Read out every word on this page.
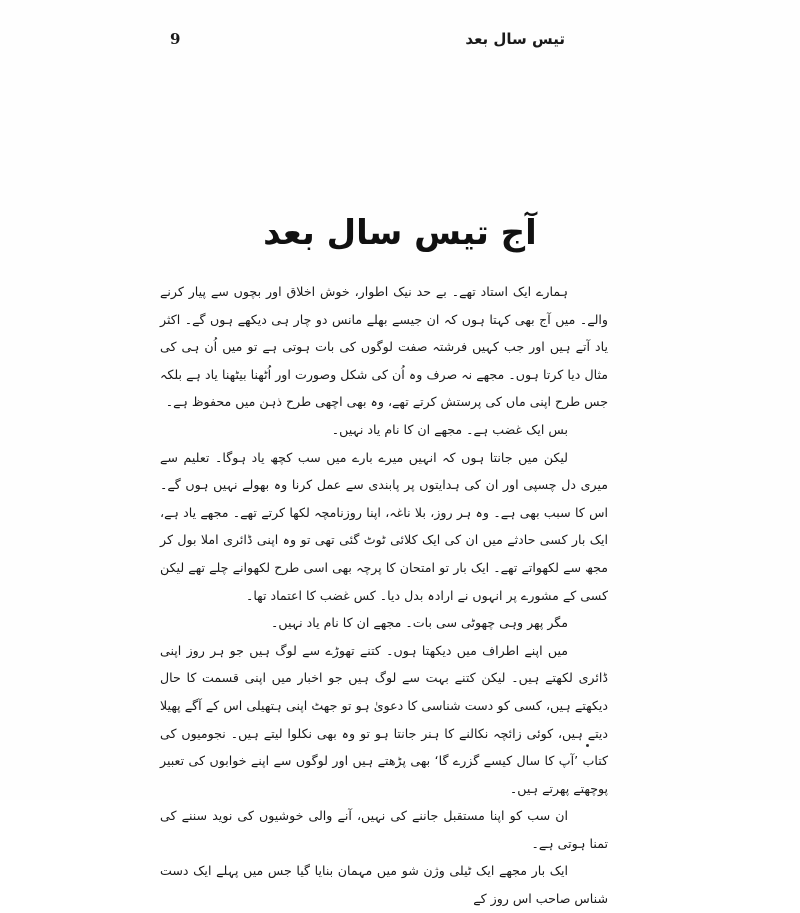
9	تیس سال بعد
آج تیس سال بعد

ہمارے ایک استاد تھے۔ بے حد نیک اطوار، خوش اخلاق اور بچوں سے پیار کرنے والے۔ میں آج بھی کہتا ہوں کہ ان جیسے بھلے مانس دو چار ہی دیکھے ہوں گے۔ اکثر یاد آتے ہیں اور جب کہیں فرشتہ صفت لوگوں کی بات ہوتی ہے تو میں اُن ہی کی مثال دیا کرتا ہوں۔ مجھے نہ صرف وہ اُن کی شکل وصورت اور اُٹھنا بیٹھنا یاد ہے بلکہ جس طرح اپنی ماں کی پرستش کرتے تھے، وہ بھی اچھی طرح ذہن میں محفوظ ہے۔

بس ایک غضب ہے۔ مجھے ان کا نام یاد نہیں۔

لیکن میں جانتا ہوں کہ انہیں میرے بارے میں سب کچھ یاد ہوگا۔ تعلیم سے میری دل چسپی اور ان کی ہدایتوں پر پابندی سے عمل کرنا وہ بھولے نہیں ہوں گے۔ اس کا سبب بھی ہے۔ وہ ہر روز، بلا ناغہ، اپنا روزنامچہ لکھا کرتے تھے۔ مجھے یاد ہے، ایک بار کسی حادثے میں ان کی ایک کلائی ٹوٹ گئی تھی تو وہ اپنی ڈائری املا بول کر مجھ سے لکھواتے تھے۔ ایک بار تو امتحان کا پرچہ بھی اسی طرح لکھوانے چلے تھے لیکن کسی کے مشورے پر انہوں نے ارادہ بدل دیا۔ کس غضب کا اعتماد تھا۔

مگر پھر وہی چھوٹی سی بات۔ مجھے ان کا نام یاد نہیں۔

میں اپنے اطراف میں دیکھتا ہوں۔ کتنے تھوڑے سے لوگ ہیں جو ہر روز اپنی ڈائری لکھتے ہیں۔ لیکن کتنے بہت سے لوگ ہیں جو اخبار میں اپنی قسمت کا حال دیکھتے ہیں، کسی کو دست شناسی کا دعویٰ ہو تو جھٹ اپنی ہتھیلی اس کے آگے پھیلا دیتے ہیں، کوئی زائچہ نکالنے کا ہنر جانتا ہو تو وہ بھی نکلوا لیتے ہیں۔ نجومیوں کی کتاب ’آپ کا سال کیسے گزرے گا‘ بھی پڑھتے ہیں اور لوگوں سے اپنے خوابوں کی تعبیر پوچھتے پھرتے ہیں۔

ان سب کو اپنا مستقبل جاننے کی نہیں، آنے والی خوشیوں کی نوید سننے کی تمنا ہوتی ہے۔

ایک بار مجھے ایک ٹیلی وژن شو میں مہمان بنایا گیا جس میں پہلے ایک دست شناس صاحب اس روز کے
